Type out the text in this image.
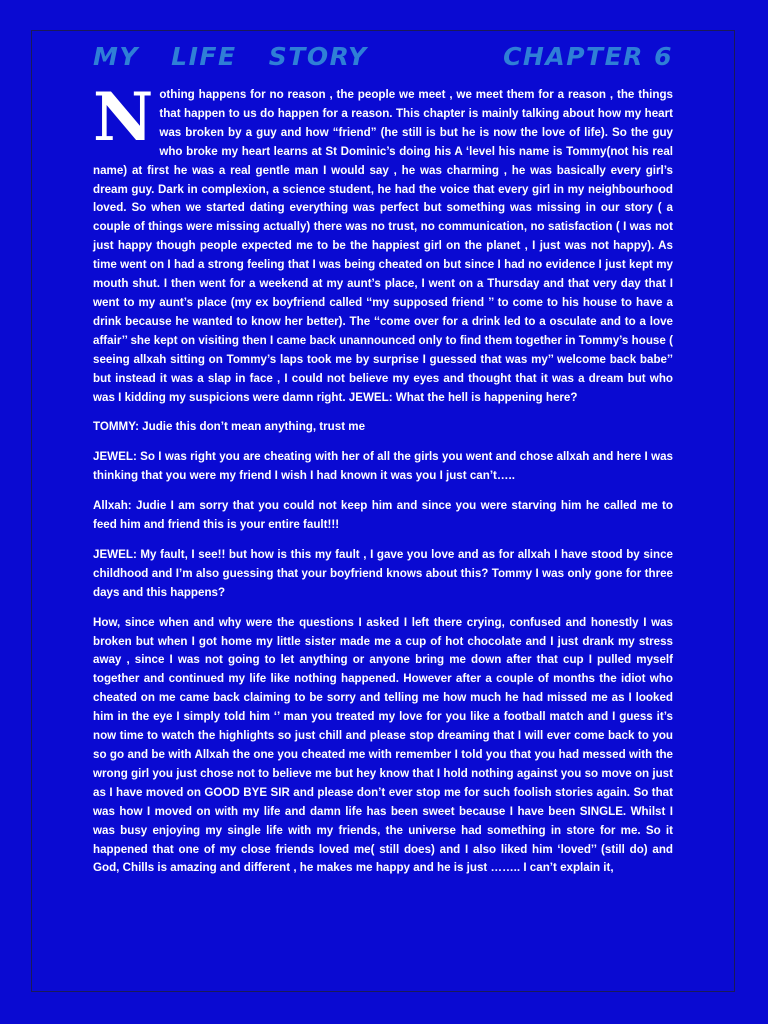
MY LIFE STORY	CHAPTER 6

Nothing happens for no reason , the people we meet , we meet them for a reason , the things that happen to us do happen for a reason. This chapter is mainly talking about how my heart was broken by a guy and how “friend” (he still is but he is now the love of life). So the guy who broke my heart learns at St Dominic’s doing his A ‘level his name is Tommy(not his real name) at first he was a real gentle man I would say , he was charming , he was basically every girl’s dream guy. Dark in complexion, a science student, he had the voice that every girl in my neighbourhood loved. So when we started dating everything was perfect but something was missing in our story ( a couple of things were missing actually) there was no trust, no communication, no satisfaction ( I was not just happy though people expected me to be the happiest girl on the planet , I just was not happy). As time went on I had a strong feeling that I was being cheated on but since I had no evidence I just kept my mouth shut. I then went for a weekend at my aunt’s place, I went on a Thursday and that very day that I went to my aunt’s place (my ex boyfriend called ‘‘my supposed friend ’’ to come to his house to have a drink because he wanted to know her better). The ‘‘come over for a drink led to a osculate and to a love affair’’ she kept on visiting then I came back unannounced only to find them together in Tommy’s house ( seeing allxah sitting on Tommy’s laps took me by surprise I guessed that was my’’ welcome back babe’’ but instead it was a slap in face , I could not believe my eyes and thought that it was a dream but who was I kidding my suspicions were damn right. JEWEL: What the hell is happening here?

TOMMY: Judie this don’t mean anything, trust me

JEWEL: So I was right you are cheating with her of all the girls you went and chose allxah and here I was thinking that you were my friend I wish I had known it was you I just can’t…..

Allxah: Judie I am sorry that you could not keep him and since you were starving him he called me to feed him and friend this is your entire fault!!!

JEWEL: My fault, I see!! but how is this my fault , I gave you love and as for allxah I have stood by since childhood and I’m also guessing that your boyfriend knows about this? Tommy I was only gone for three days and this happens?

How, since when and why were the questions I asked I left there crying, confused and honestly I was broken but when I got home my little sister made me a cup of hot chocolate and I just drank my stress away , since I was not going to let anything or anyone bring me down after that cup I pulled myself together and continued my life like nothing happened. However after a couple of months the idiot who cheated on me came back claiming to be sorry and telling me how much he had missed me as I looked him in the eye I simply told him ‘’ man you treated my love for you like a football match and I guess it’s now time to watch the highlights so just chill and please stop dreaming that I will ever come back to you so go and be with Allxah the one you cheated me with remember I told you that you had messed with the wrong girl you just chose not to believe me but hey know that I hold nothing against you so move on just as I have moved on GOOD BYE SIR and please don’t ever stop me for such foolish stories again. So that was how I moved on with my life and damn life has been sweet because I have been SINGLE. Whilst I was busy enjoying my single life with my friends, the universe had something in store for me. So it happened that one of my close friends loved me( still does) and I also liked him ‘loved’’ (still do) and God, Chills is amazing and different , he makes me happy and he is just …….. I can’t explain it,
